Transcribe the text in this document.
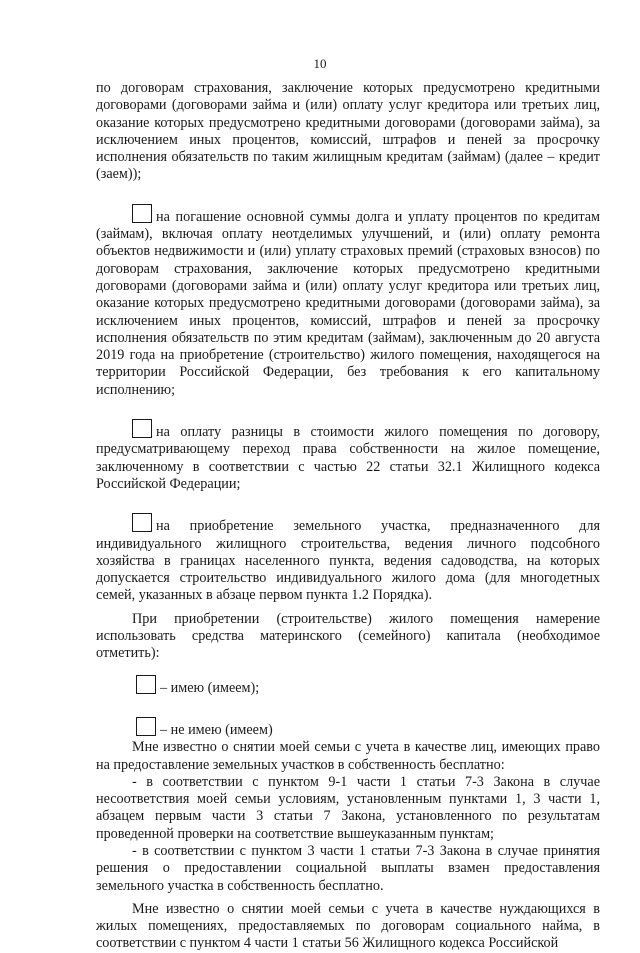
10

по договорам страхования, заключение которых предусмотрено кредитными договорами (договорами займа и (или) оплату услуг кредитора или третьих лиц, оказание которых предусмотрено кредитными договорами (договорами займа), за исключением иных процентов, комиссий, штрафов и пеней за просрочку исполнения обязательств по таким жилищным кредитам (займам) (далее – кредит (заем));

на погашение основной суммы долга и уплату процентов по кредитам (займам), включая оплату неотделимых улучшений, и (или) оплату ремонта объектов недвижимости и (или) уплату страховых премий (страховых взносов) по договорам страхования, заключение которых предусмотрено кредитными договорами (договорами займа и (или) оплату услуг кредитора или третьих лиц, оказание которых предусмотрено кредитными договорами (договорами займа), за исключением иных процентов, комиссий, штрафов и пеней за просрочку исполнения обязательств по этим кредитам (займам), заключенным до 20 августа 2019 года на приобретение (строительство) жилого помещения, находящегося на территории Российской Федерации, без требования к его капитальному исполнению;

на оплату разницы в стоимости жилого помещения по договору, предусматривающему переход права собственности на жилое помещение, заключенному в соответствии с частью 22 статьи 32.1 Жилищного кодекса Российской Федерации;

на приобретение земельного участка, предназначенного для индивидуального жилищного строительства, ведения личного подсобного хозяйства в границах населенного пункта, ведения садоводства, на которых допускается строительство индивидуального жилого дома (для многодетных семей, указанных в абзаце первом пункта 1.2 Порядка).

При приобретении (строительстве) жилого помещения намерение использовать средства материнского (семейного) капитала (необходимое отметить):

– имею (имеем);

– не имею (имеем)

Мне известно о снятии моей семьи с учета в качестве лиц, имеющих право на предоставление земельных участков в собственность бесплатно:

- в соответствии с пунктом 9-1 части 1 статьи 7-3 Закона в случае несоответствия моей семьи условиям, установленным пунктами 1, 3 части 1, абзацем первым части 3 статьи 7 Закона, установленного по результатам проведенной проверки на соответствие вышеуказанным пунктам;

- в соответствии с пунктом 3 части 1 статьи 7-3 Закона в случае принятия решения о предоставлении социальной выплаты взамен предоставления земельного участка в собственность бесплатно.

Мне известно о снятии моей семьи с учета в качестве нуждающихся в жилых помещениях, предоставляемых по договорам социального найма, в соответствии с пунктом 4 части 1 статьи 56 Жилищного кодекса Российской
